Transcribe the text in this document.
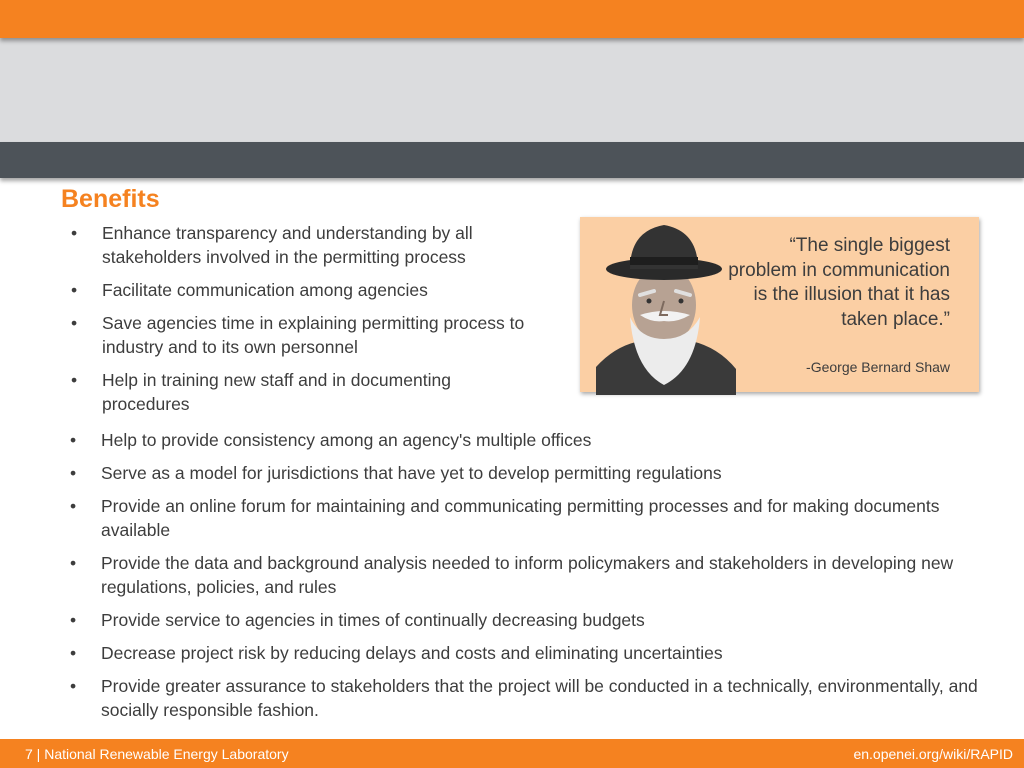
Benefits
• Enhance transparency and understanding by all stakeholders involved in the permitting process
• Facilitate communication among agencies
• Save agencies time in explaining permitting process to industry and to its own personnel
• Help in training new staff and in documenting procedures
“The single biggest problem in communication is the illusion that it has taken place.”
-George Bernard Shaw
• Help to provide consistency among an agency's multiple offices
• Serve as a model for jurisdictions that have yet to develop permitting regulations
• Provide an online forum for maintaining and communicating permitting processes and for making documents available
• Provide the data and background analysis needed to inform policymakers and stakeholders in developing new regulations, policies, and rules
• Provide service to agencies in times of continually decreasing budgets
• Decrease project risk by reducing delays and costs and eliminating uncertainties
• Provide greater assurance to stakeholders that the project will be conducted in a technically, environmentally, and socially responsible fashion.
7 | National Renewable Energy Laboratory	en.openei.org/wiki/RAPID
